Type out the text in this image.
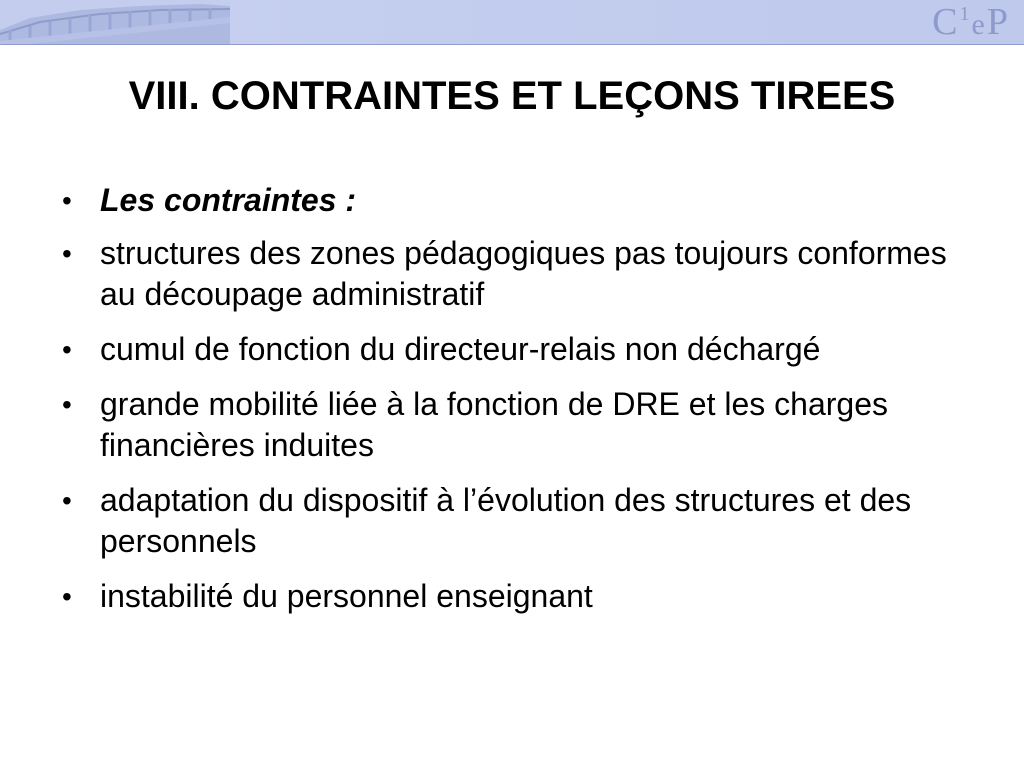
C 1 e P
VIII. CONTRAINTES ET LEÇONS TIREES
• Les contraintes :
• structures des zones pédagogiques pas toujours conformes au découpage administratif
• cumul de fonction du directeur-relais non déchargé
• grande mobilité liée à la fonction de DRE et les charges financières induites
• adaptation du dispositif à l’évolution des structures et des personnels
• instabilité du personnel enseignant
